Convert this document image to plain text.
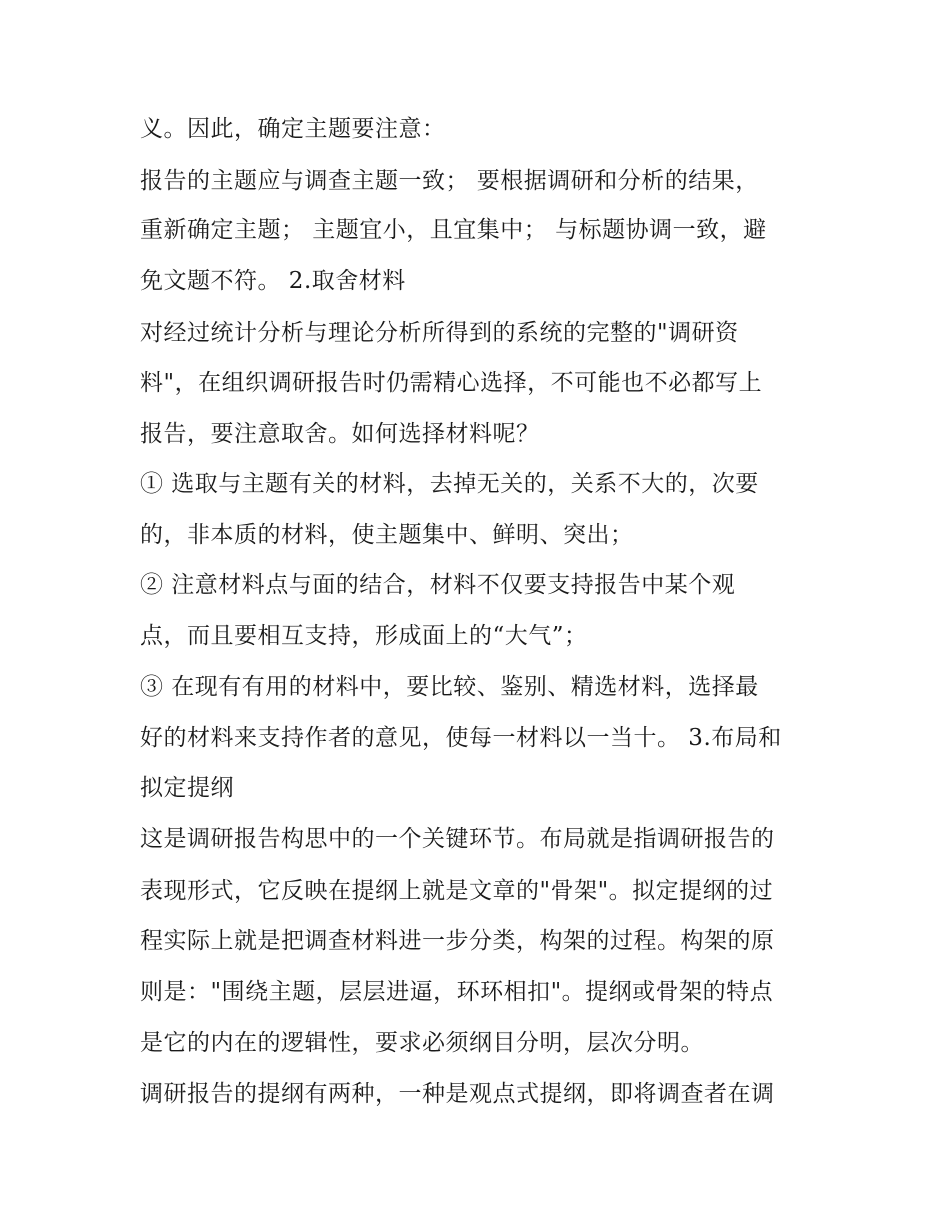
义。因此，确定主题要注意：
报告的主题应与调查主题一致； 要根据调研和分析的结果，
重新确定主题； 主题宜小，且宜集中； 与标题协调一致，避
免文题不符。 2.取舍材料
对经过统计分析与理论分析所得到的系统的完整的"调研资
料"，在组织调研报告时仍需精心选择，不可能也不必都写上
报告，要注意取舍。如何选择材料呢？
① 选取与主题有关的材料，去掉无关的，关系不大的，次要
的，非本质的材料，使主题集中、鲜明、突出；
② 注意材料点与面的结合，材料不仅要支持报告中某个观
点，而且要相互支持，形成面上的“大气”；
③ 在现有有用的材料中，要比较、鉴别、精选材料，选择最
好的材料来支持作者的意见，使每一材料以一当十。 3.布局和
拟定提纲
这是调研报告构思中的一个关键环节。布局就是指调研报告的
表现形式，它反映在提纲上就是文章的"骨架"。拟定提纲的过
程实际上就是把调查材料进一步分类，构架的过程。构架的原
则是："围绕主题，层层进逼，环环相扣"。提纲或骨架的特点
是它的内在的逻辑性，要求必须纲目分明，层次分明。
调研报告的提纲有两种，一种是观点式提纲，即将调查者在调
